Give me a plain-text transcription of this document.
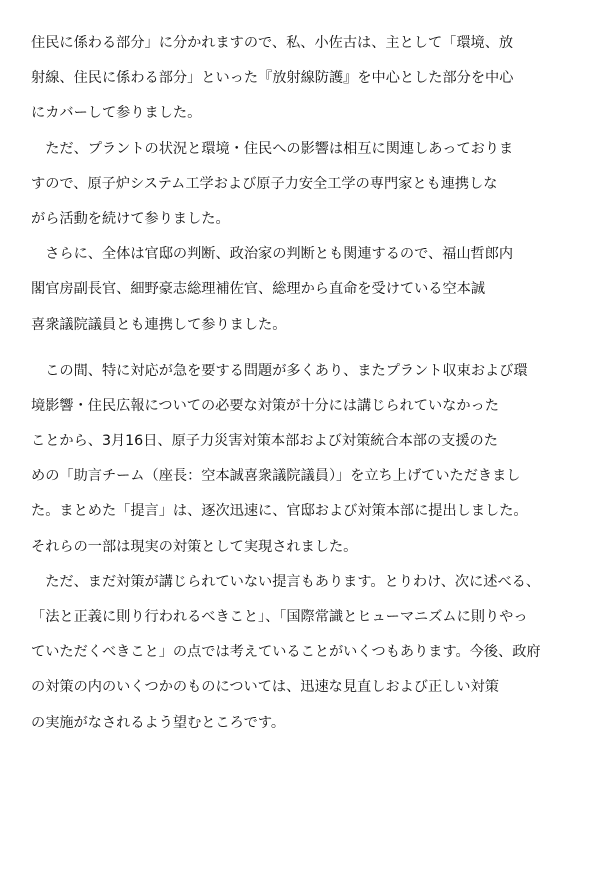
住民に係わる部分」に分かれますので、私、小佐古は、主として「環境、放
射線、住民に係わる部分」といった『放射線防護』を中心とした部分を中心
にカバーして参りました。
　ただ、プラントの状況と環境・住民への影響は相互に関連しあっておりま
すので、原子炉システム工学および原子力安全工学の専門家とも連携しな
がら活動を続けて参りました。
　さらに、全体は官邸の判断、政治家の判断とも関連するので、福山哲郎内
閣官房副長官、細野豪志総理補佐官、総理から直命を受けている空本誠
喜衆議院議員とも連携して参りました。
　この間、特に対応が急を要する問題が多くあり、またプラント収束および環
境影響・住民広報についての必要な対策が十分には講じられていなかった
ことから、3月16日、原子力災害対策本部および対策統合本部の支援のた
めの「助言チーム（座長：空本誠喜衆議院議員）」を立ち上げていただきまし
た。まとめた「提言」は、逐次迅速に、官邸および対策本部に提出しました。
それらの一部は現実の対策として実現されました。
　ただ、まだ対策が講じられていない提言もあります。とりわけ、次に述べる、
「法と正義に則り行われるべきこと」、「国際常識とヒューマニズムに則りやっ
ていただくべきこと」の点では考えていることがいくつもあります。今後、政府
の対策の内のいくつかのものについては、迅速な見直しおよび正しい対策
の実施がなされるよう望むところです。
